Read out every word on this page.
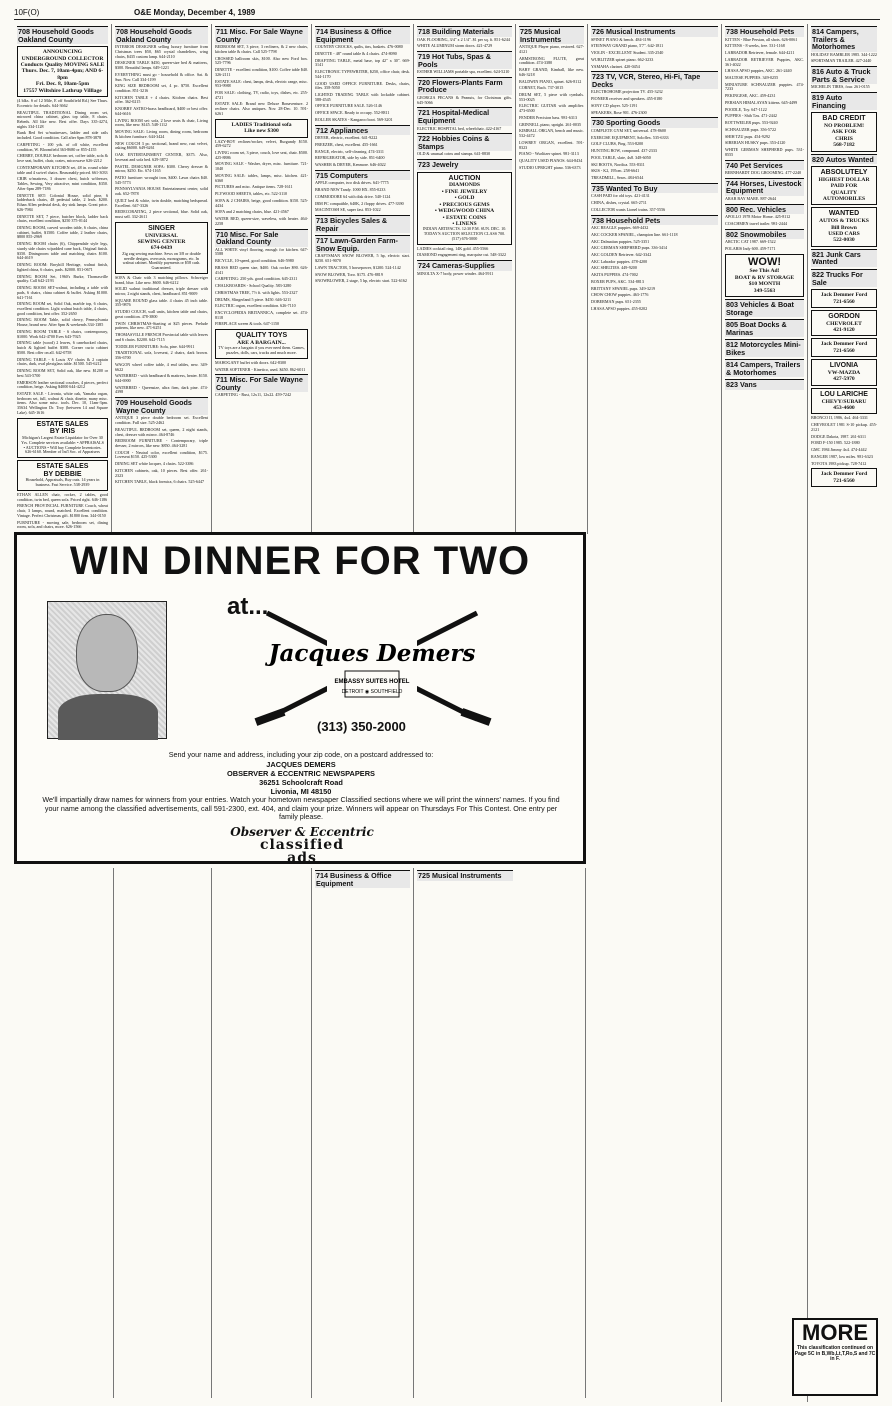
10F(O)	O&E Monday, December 4, 1989
708 Household Goods Oakland County
ANNOUNCING
UNDERGROUND COLLECTOR
Conducts Quality MOVING SALE
Thurs. Dec. 7, 10am-4pm; AND 6-8pm
Fri. Dec. 8, 10am-5pm
17557 Wiltshire Lathrup Villlage
(4 blks. S of 12 Mile, E off Southfield Rd.) See Thurs. Eccentric for details. 644-3662
BEAUTIFUL TRADITIONAL Dining room set, mirrored china cabinet, glass top table, 8 chairs. Rebeds. All like new. Best offer. Days 335-4274, nights 334-1128
Bunk Bed Set w/mattresses, ladder and side rails included. Good condition. Call after 6pm 878-3878
CARPETING - 100 yds. of off white, excellent condition, W. Bloomfield 363-8680 or 855-4155
CHERRY, DOUBLE bedroom set, coffee table, sofa & love seat, buffet, chair, crates, microwave 626-2212
CONTEMPORARY KITCHEN set, 48 in. round white table and 4 swivel chairs. Reasonably priced. 661-3033
CRIB w/mattress, 3 drawer chest, hutch w/dresser, Tables, Sewing, Very attractive, mint condition, $350. After 6pm 289-7186
DINETTE SET: Colonial House, solid pine, 6 ladderback chairs, 48 pedestal table, 2 leafs. $200. Ethan Allen pedestal desk, dry sink lamps. Great price. 626-7984
DINETTE SET, 7 piece, butcher block, ladder back chairs, excellent condition, $250 375-0144
DINING ROOM, carved wooden table, 6 chairs, china cabinet, buffet, $1500. Coffee table, 2 leather chairs, $800 855-2969
DINING ROOM chairs (6), Chippendale style legs, sturdy side chairs w/padded cane back, Original finish. $350. Diningroom table and matching chairs $100. 644-4619
DINING ROOM: Broyhill Heritage, walnut finish, lighted china, 6 chairs, pads. $2000. 851-0671
DINING ROOM Set, 1960's Burke, Thomasville quality. Call 642-2193
DINING ROOM SET-walnut, including a table with pads, 6 chairs, china cabinet & buffet. Asking $1000. 641-7161
DINING ROOM set, Solid Oak, marble top, 6 chairs, excellent condition. Light walnut hutch table, 4 chairs, good condition, best offer. 352-2650
DINING ROOM Table, solid cherry, Pennsylvania House, brand new. After 6pm & weekends 334-1385
DINING ROOM TABLE - 6 chairs, contemporary, $1000. Work 642-4700 Eves 643-7925
DINING table (wood) 2 leaves, 6 canebacked chairs, hutch & lighted buffet $300. Corner curio cabinet $500. Best offer on all. 642-0758
DINING TABLE - 6 Louis XV chairs & 2 captain chairs, dark, oval plexiglass table. $1500. 545-6212
DINING ROOM SET, Solid oak, like new. $1200 or best 543-5700
EMERSON leather sectional couches, 4 pieces, perfect condition, beige. Asking $4000 644-4212
ESTATE SALE - Livonia, white oak, Yamaha organ, bedroom set, full, walnut & chair, dinette, many misc. items. Also some misc. tools. Dec. 10, 11am-3pm. 35634 Wellington Dr. Troy (between 14 and Square Lake). 645-1616
ESTATE SALES
BY IRIS
Michigan's Largest Estate Liquidator for Over 30 Yrs. Complete services available: • APPRAISALS • AUCTIONS • Will buy Complete Inventories. 626-6160. Member of Int'l Soc. of Appraisers
ESTATE SALES
BY DEBBIE
Household, Appraisals, Buy outs. 14 years in business. Fast Service. 538-2939
ETHAN ALLEN chair, rocker, 2 tables, good condition, twin bed, queen sofa. Priced right. 646-1186
FRENCH PROVINCIAL FURNITURE Couch, wheat chair, 3 lamps, round, matched. Excellent condition. Vintage. Perfect Christmas gift. $1800 firm. 344-0150
FURNITURE - moving sale, bedroom set, dining room, sofa, and chairs, more. 626-1566
708 Household Goods Oakland County
INTERIOR DESIGNER selling luxury furniture from Christmas trees $50, $65 crystal chandeliers, wing chairs, $435 custom lamp. 644-2110
DESIGNER TABLE $450, queen-size bed & mattress, $300. Beautiful lamps. 649-1221
EVERYTHING must go - household & office. Sat. & Sun. Nov. Call 334-1199
KING SIZE BEDROOM set, 4 pc. $750. Excellent condition. 851-3216
KITCHEN TABLE + 4 chairs. Kitchen chairs. Best offer. 362-0215
KNOBBY ASTRO-brass headboard, $400 or best offer. 644-6616
LIVING ROOM set: sofa, 2 love seats & chair, Living room, like new. $145. 548-1112
MOVING SALE: Living room, dining room, bedroom & kitchen furniture. 644-3424
NEW COUCH 3 pc. sectional, brand new, rust velvet, asking $6000. 649-6261
OAK ENTERTAINMENT CENTER, $375. Also, loveseat and sofa bed. 629-3872
PASTEL DESIGNER SOFA: $300. Cherry dresser & mirror, $250. Etc. 674-1165
PATIO furniture: wrought iron, $400. Lawn chairs $40. 545-5773
PENNSYLVANIA HOUSE Entertainment center, solid oak. 652-7878
QUILT bed & white, twin double, matching bedspread. Excellent. 647-3326
REDECORATING, 2 piece sectional, blue. Solid oak, must sell. 332-2611
SINGER
UNIVERSAL
SEWING CENTER
674-0439
Zig zag sewing machine. Sews on 3/8 or double needle designs, overcasts, monograms, etc. In walnut cabinet. Monthly payments or $58 cash. Guaranteed.
SOFA & Chair with 3 matching pillows. Schweiger brand, blue. Like new. $600. 646-6212
SOLID walnut traditional dresser, triple dresser with mirror, 2 night stands, chest, headboard. 851-9009
SQUARE ROUND glass table. 4 chairs 45 inch table. 355-9876
STUDIO COUCH, wall units, kitchen table and chairs, great condition. 478-3800
TWIN CHRISTMAS-Starting at $25 pieces. Prelude patterns, like new. 471-6251
THOMASVILLE FRENCH Provincial table with leaves and 6 chairs. $2200. 642-7115
TODDLER FURNITURE: Sofa, pine. 644-9911
TRADITIONAL sofa, loveseat, 2 chairs, dark brown. 356-6700
WAGON wheel coffee table, 4 end tables, new. 349-6622
WATERBED - with headboard & mattress, heater. $150. 644-6900
WATERBED - Queensize, ultra firm, dark pine. 474-4398
709 Household Goods Wayne County
ANTIQUE 3 piece double bedroom set. Excellent condition. Full size. 525-2462
BEAUTIFUL BEDROOM set, queen, 2 night stands, chest, dresser with mirror. 464-8746
BEDROOM FURNITURE - Contemporary, triple dresser, 2 mirrors, like new. $850. 464-3281
COUCH - Neutral color, excellent condition, $175. Loveseat $150. 425-5300
DINING SET white lacquer, 4 chairs. 522-3386
KITCHEN cabinets, oak, 10 pieces. Best offer. 261-2323
KITCHEN TABLE, black formica, 6 chairs. 525-6447
711 Misc. For Sale Wayne County
BEDROOM SET, 3 piece, 3 recliners, & 2 new chairs, kitchen table & chairs. Call 525-7798
CROSSED ballroom skis, $100. Also new Ford box. 525-7796
DINETTE - excellent condition, $100. Coffee table $40. 326-2111
ESTATE SALE: chest, lamps, desk, electric range, misc. 953-9988
FOR SALE: clothing, TV, radio, toys, dishes, etc. 255-4721
ESTATE SALE: Brand new Deluxe Bonaventure. 2 recliner chairs. Also antiques. Nov. 28-Dec. 10. 591-6261
LADIES Traditional sofa
Like new $300
LAZY-BOY recliner/rocker, velvet, Burgundy $150. 459-6272
LIVING room set, 3 piece, couch, love seat, chair. $500. 425-8886
MOVING SALE - Washer, dryer, misc. furniture. 721-1040
MOVING SALE: tables, lamps, misc. kitchen. 421-6360
PICTURES and misc. Antique items. 728-1611
PLYWOOD SHEETS, tables, etc. 522-3110
SOFA & 2 CHAIRS, beige, good condition. $150. 525-4434
SOFA and 2 matching chairs, blue. 421-4567
WATER BED, queen-size, waveless, with heater. 464-2258
710 Misc. For Sale Oakland County
ALL WHITE vinyl flooring, enough for kitchen. 647-5588
BICYCLE, 10-speed, good condition. 646-5980
BRASS BED queen size, $400. Oak rocker $90. 626-4141
CARPETING: 250 yds. good condition. 645-2311
CHALKBOARDS - School Quality. 583-3280
CHRISTMAS TREE, 7½ ft. with lights. 553-2327
DRUMS, Slingerland 5 piece. $450. 646-3211
ELECTRIC organ, excellent condition. 626-7110
ENCYCLOPEDIA BRITANNICA, complete set. 474-8118
FIREPLACE screen & tools. 647-1150
QUALITY TOYS
ARE A BARGAIN...
TV toys are a bargain if you ever need them. Games, puzzles, dolls, cars, trucks and much more.
MAHOGANY buffet with doors. 642-8300
WATER SOFTENER - Kinetico, used. $450. 862-6011
711 Misc. For Sale Wayne County
CARPETING - Rust, 12x11, 12x22. 459-7242
714 Business & Office Equipment
COUNTRY CROCKS, quilts, tins, baskets. 476-0080
DINETTE - 48" round table & 4 chairs. 474-8090
DRAFTING TABLE, metal base, top 42" x 30". 669-3141
ELECTRONIC TYPEWRITER, $250, office chair, desk. 544-1170
GOOD USED OFFICE FURNITURE. Desks, chairs, files. 358-5050
LIGHTED TRADING TABLE with lockable cabinet. 588-4545
OFFICE FURNITURE SALE. 526-1146
OFFICE SPACE. Ready to occupy. 552-8811
ROLLER SKATES - Kangaroo boot. 569-3201
712 Appliances
DRYER, electric, excellent. 641-9222
FREEZER, chest, excellent. 455-1661
RANGE, electric, self-cleaning. 474-3311
REFRIGERATOR, side by side. 851-6400
WASHER & DRYER, Kenmore. 646-4022
715 Computers
APPLE computer, two disk drives. 641-7775
BRAND NEW Tandy. 1000 HX. 855-0233
COMMODORE 64 with disk drive. 540-1124
IBM PC compatible, 640K, 2 floppy drives. 477-3390
MACINTOSH SE, super fast. 853-1022
713 Bicycles Sales & Repair
717 Lawn-Garden Farm-Snow Equip.
CRAFTSMAN SNOW BLOWER, 5 hp, electric start. $250. 651-9070
LAWN TRACTOR, 5 horsepower, $1200. 524-1142
SNOW BLOWER, Toro. $175. 476-8819
SNOWBLOWER, 2 stage, 5 hp, electric start. 522-6162
718 Building Materials
OAK FLOORING, 3/4" x 2 1/4". $1 per sq. ft. 851-6244
WHITE ALUMINUM storm doors. 421-4729
719 Hot Tubs, Spas & Pools
ESTHER WILLIAMS portable spa, excellent. 624-5210
720 Flowers-Plants Farm Produce
GEORGIA PECANS & Peanuts, for Christmas gifts. 645-5066
721 Hospital-Medical Equipment
ELECTRIC HOSPITAL bed, wheelchair. 422-4167
722 Hobbies Coins & Stamps
OLD & unusual coins and stamps. 641-8830
723 Jewelry
AUCTION
DIAMONDS
• FINE JEWELRY
• GOLD
• PRECIOUS GEMS
• WEDGWOOD CHINA
• ESTATE COINS
• LINENS
INDIAN ARTIFACTS. 12:30 P.M. SUN. DEC. 10. TODAY'S AUCTION SELECTION CLASS 700. (517) 676-5000
LADIES cocktail ring, 14K gold. 455-5566
DIAMOND engagement ring, marquise cut. 548-3322
724 Cameras-Supplies
MINOLTA X-7 body, power winder. 464-5911
725 Musical Instruments
ANTIQUE Player piano, restored. 627-4121
ARMSTRONG FLUTE, great condition. 474-3380
BABY GRAND, Kimball, like new. 646-3218
BALDWIN PIANO, spinet. 626-8112
CORNET, Bach. 737-3015
DRUM SET, 5 piece with cymbals. 553-0025
ELECTRIC GUITAR with amplifier. 473-6500
FENDER Precision bass. 981-6313
GRINNELL piano, upright. 261-0035
KIMBALL ORGAN, bench and music. 532-4472
LOWREY ORGAN, excellent. 591-8323
PIANO - Wurlitzer spinet. 981-3113
QUALITY USED PIANOS. 644-8434
STUDIO UPRIGHT piano. 536-6373
726 Musical Instruments
SPINET PIANO & bench. 484-1196
STEINWAY GRAND piano, 5'7". 642-1811
VIOLIN - EXCELLENT Student. 335-2540
WURLITZER spinet piano. 662-3233
YAMAHA clarinet. 420-0454
723 TV, VCR, Stereo, Hi-Fi, Tape Decks
ELECTROHOME projection TV. 455-3232
PIONEER receiver and speakers. 455-0180
SONY CD player. 525-1191
SPEAKERS, Bose 901. 476-2300
730 Sporting Goods
COMPLETE GYM SET, universal. 478-8600
EXERCISE EQUIPMENT, Soloflex. 535-6333
GOLF CLUBS, Ping. 553-8200
HUNTING BOW, compound. 437-2333
POOL TABLE, slate, 4x8. 348-6050
SKI BOOTS, Nordica. 553-8311
SKIS - K2, 195cm. 258-6641
TREADMILL, Sears. 484-6544
735 Wanted To Buy
CASH PAID for old toys. 421-4131
CHINA, dishes, crystal. 665-2711
COLLECTOR wants Lionel trains. 357-5556
738 Household Pets
AKC BEAGLE puppies. 669-4432
AKC COCKER SPANIEL, champion line. 661-1118
AKC Dalmatian puppies. 525-3351
AKC GERMAN SHEPHERD pups. 336-3414
AKC GOLDEN Retriever. 642-3342
AKC Labrador puppies. 478-4200
AKC SHELTIES. 449-9200
AKITA PUPPIES. 474-7002
BOXER PUPS, AKC. 534-8813
BRITTANY SPANIEL pups. 349-3219
CHOW CHOW puppies. 463-1776
DOBERMAN pups. 651-2355
LHASA APSO puppies. 455-0202
738 Household Pets
KITTEN - Blue Persian, all shots. 626-0061
KITTENS - 8 weeks, free. 531-1168
LABRADOR Retriever, female. 644-4211
LABRADOR RETRIEVER Puppies, AKC. 361-4022
LHASA APSO puppies, AKC. 261-2440
MALTESE PUPPIES. 349-0255
MINIATURE SCHNAUZER puppies. 474-7233
PEKINGESE, AKC. 459-4231
PERSIAN HIMALAYAN kittens. 645-4499
POODLE, Toy. 647-1122
PUPPIES - Shih Tzu. 471-2442
ROTTWEILER pups. 553-9240
SCHNAUZER pups. 356-5722
SHIH TZU pups. 454-9292
SIBERIAN HUSKY pups. 353-4120
WHITE GERMAN SHEPHERD pups. 531-8555
740 Pet Services
BERNHARDT DOG GROOMING. 477-2240
744 Horses, Livestock Equipment
ARAB BAY MARE. 887-2644
800 Rec. Vehicles
APOLLO 1978 Motor Home. 425-8112
COACHMEN travel trailer. 981-2444
802 Snowmobiles
ARCTIC CAT 1987. 669-1522
POLARIS Indy 600. 459-7171
WOW!
See This Ad!
BOAT & RV STORAGE
$10 MONTH
349-5563
803 Vehicles & Boat Storage
805 Boat Docks & Marinas
812 Motorcycles Mini-Bikes
814 Campers, Trailers & Motorhomes
823 Vans
814 Campers, Trailers & Motorhomes
HOLIDAY RAMBLER 1985. 344-1222
SPORTSMAN TRAILER. 427-2440
816 Auto & Truck Parts & Service
MICHELIN TIRES, four. 261-0155
819 Auto Financing
BAD CREDIT
NO PROBLEM!
ASK FOR
CHRIS
568-7182
820 Autos Wanted
ABSOLUTELY
HIGHEST DOLLAR PAID FOR
QUALITY AUTOMOBILES
WANTED
AUTOS & TRUCKS
Bill Brown
USED CARS
522-0030
821 Junk Cars Wanted
822 Trucks For Sale
Jack Demmer Ford
721-6560
GORDON
CHEVROLET
421-9120
Jack Demmer Ford
721-6560
LIVONIA
VW-MAZDA
427-5970
LOU LARICHE
CHEVY/SUBARU
453-4600
BRONCO II, 1986, 4x4. 464-3331
CHEVROLET 1981 S-10 pickup. 455-2121
DODGE Dakota, 1987. 261-6311
FORD F-150 1985. 522-1880
GMC 1984 Jimmy 4x4. 474-4442
RANGER 1987, low miles. 981-6323
TOYOTA 1983 pickup. 728-7412
Jack Demmer Ford
721-6560
WIN DINNER FOR TWO
at...
Jacques Demers
EMBASSY SUITES HOTEL
DETROIT ◉ SOUTHFIELD
(313) 350-2000
Send your name and address, including your zip code, on a postcard addressed to:
JACQUES DEMERS
OBSERVER & ECCENTRIC NEWSPAPERS
36251 Schoolcraft Road
Livonia, MI 48150
We'll impartially draw names for winners from your entries. Watch your hometown newspaper Classified sections where we will print the winners' names. If you find your name among the classified advertisements, call 591-2300, ext. 404, and claim your prize. Winners will appear on Thursdays For This Contest. One entry per family please.
Observer & Eccentric
classified
ads
714 Business & Office Equipment
725 Musical Instruments
MORE
This classification continued on Page 5C in B,Wb,Lt,T,Ro,S and 7C in F.
